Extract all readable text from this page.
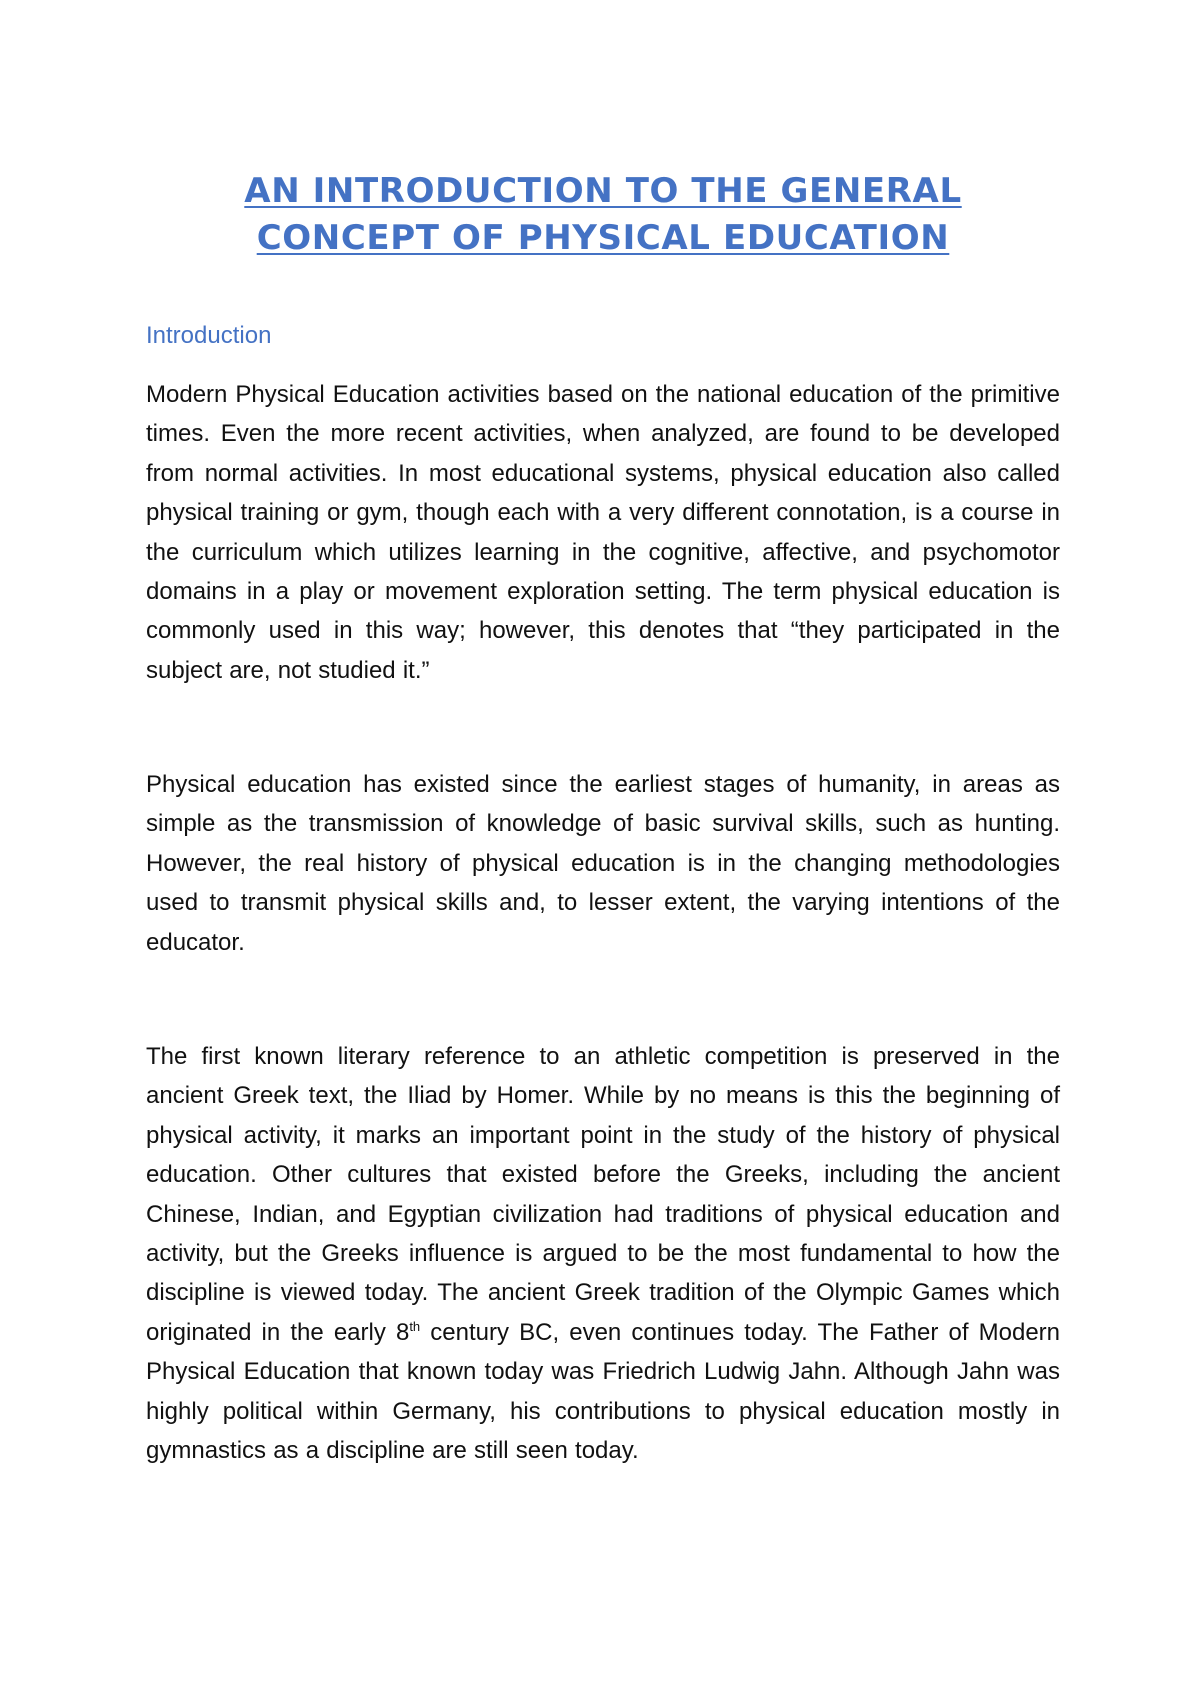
AN INTRODUCTION TO THE GENERAL
CONCEPT OF PHYSICAL EDUCATION
Introduction

Modern Physical Education activities based on the national education of the primitive times. Even the more recent activities, when analyzed, are found to be developed from normal activities. In most educational systems, physical education also called physical training or gym, though each with a very different connotation, is a course in the curriculum which utilizes learning in the cognitive, affective, and psychomotor domains in a play or movement exploration setting. The term physical education is commonly used in this way; however, this denotes that “they participated in the subject are, not studied it.”

Physical education has existed since the earliest stages of humanity, in areas as simple as the transmission of knowledge of basic survival skills, such as hunting. However, the real history of physical education is in the changing methodologies used to transmit physical skills and, to lesser extent, the varying intentions of the educator.

The first known literary reference to an athletic competition is preserved in the ancient Greek text, the Iliad by Homer. While by no means is this the beginning of physical activity, it marks an important point in the study of the history of physical education. Other cultures that existed before the Greeks, including the ancient Chinese, Indian, and Egyptian civilization had traditions of physical education and activity, but the Greeks influence is argued to be the most fundamental to how the discipline is viewed today. The ancient Greek tradition of the Olympic Games which originated in the early 8th century BC, even continues today. The Father of Modern Physical Education that known today was Friedrich Ludwig Jahn. Although Jahn was highly political within Germany, his contributions to physical education mostly in gymnastics as a discipline are still seen today.
